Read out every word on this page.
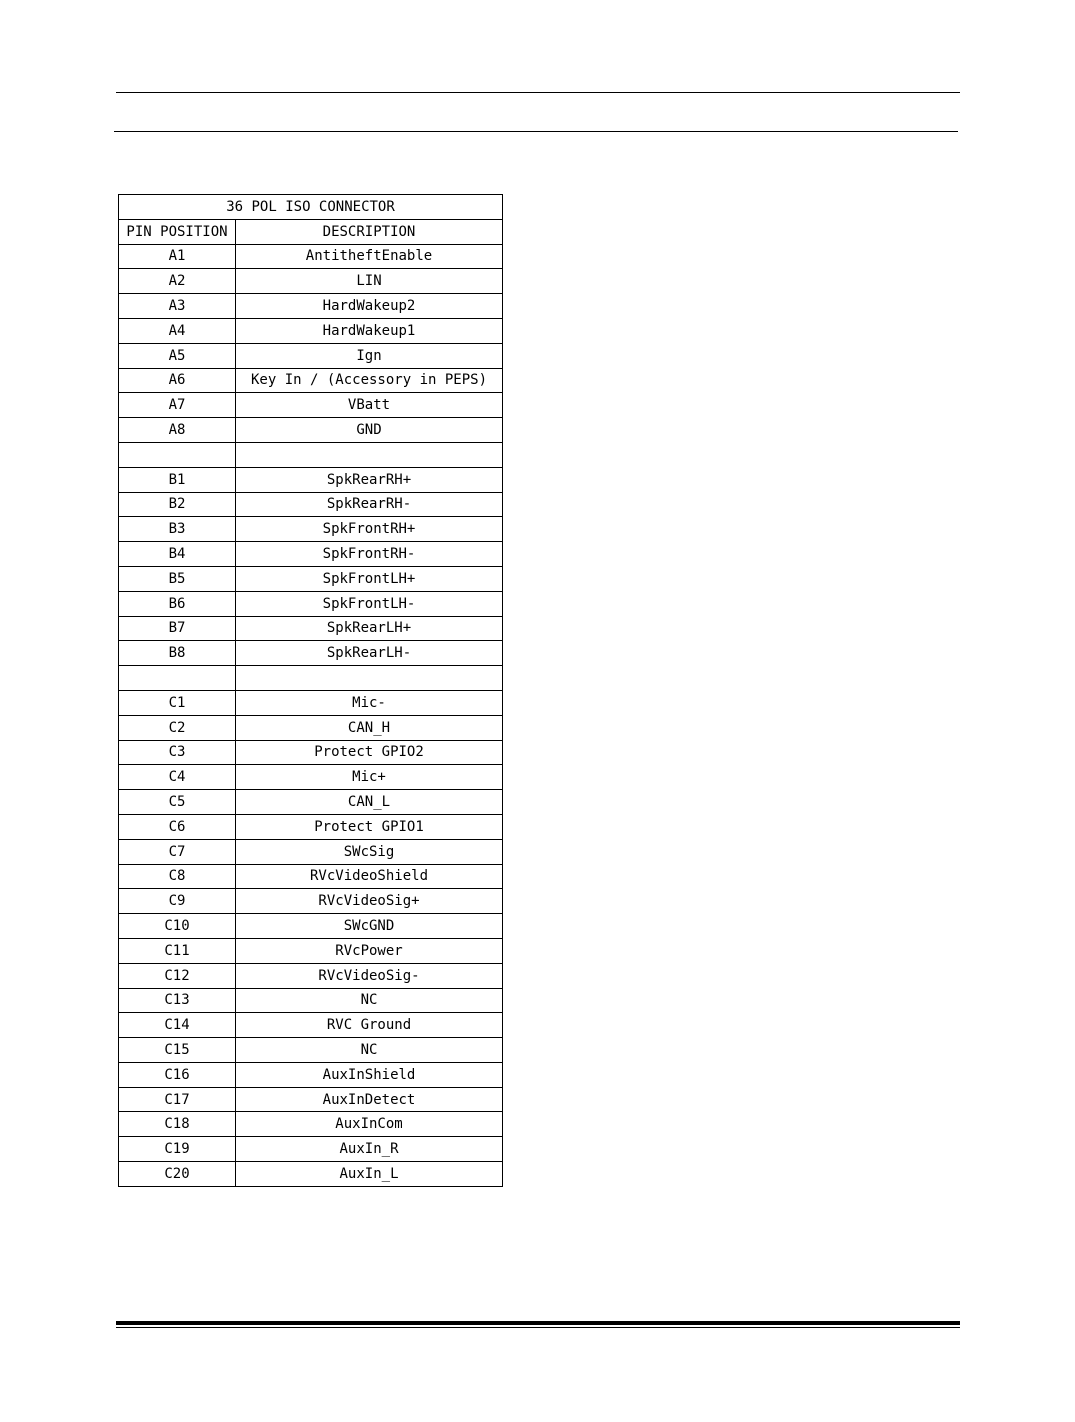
36 POL ISO CONNECTOR	
PIN POSITION	DESCRIPTION
A1	AntitheftEnable
A2	LIN
A3	HardWakeup2
A4	HardWakeup1
A5	Ign
A6	Key In / (Accessory in PEPS)
A7	VBatt
A8	GND

B1	SpkRearRH+
B2	SpkRearRH-
B3	SpkFrontRH+
B4	SpkFrontRH-
B5	SpkFrontLH+
B6	SpkFrontLH-
B7	SpkRearLH+
B8	SpkRearLH-

C1	Mic-
C2	CAN_H
C3	Protect GPIO2
C4	Mic+
C5	CAN_L
C6	Protect GPIO1
C7	SWcSig
C8	RVcVideoShield
C9	RVcVideoSig+
C10	SWcGND
C11	RVcPower
C12	RVcVideoSig-
C13	NC
C14	RVC Ground
C15	NC
C16	AuxInShield
C17	AuxInDetect
C18	AuxInCom
C19	AuxIn_R
C20	AuxIn_L
